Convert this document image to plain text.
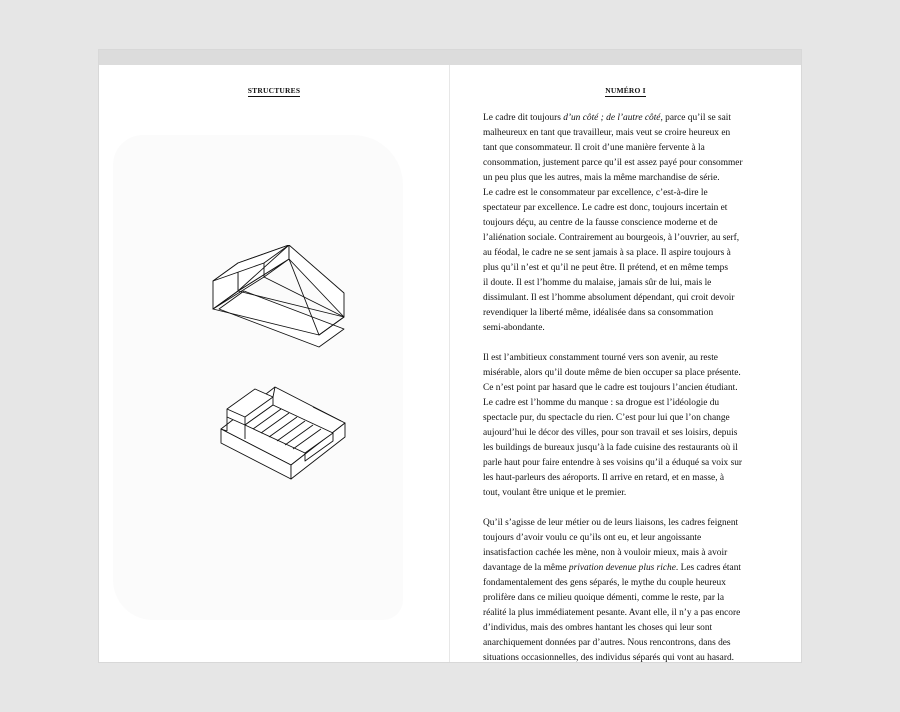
STRUCTURES	NUMÉRO I
Le cadre dit toujours d’un côté ; de l’autre côté, parce qu’il se sait
malheureux en tant que travailleur, mais veut se croire heureux en
tant que consommateur. Il croit d’une manière fervente à la
consommation, justement parce qu’il est assez payé pour consommer
un peu plus que les autres, mais la même marchandise de série.
Le cadre est le consommateur par excellence, c’est-à-dire le
spectateur par excellence. Le cadre est donc, toujours incertain et
toujours déçu, au centre de la fausse conscience moderne et de
l’aliénation sociale. Contrairement au bourgeois, à l’ouvrier, au serf,
au féodal, le cadre ne se sent jamais à sa place. Il aspire toujours à
plus qu’il n’est et qu’il ne peut être. Il prétend, et en même temps
il doute. Il est l’homme du malaise, jamais sûr de lui, mais le
dissimulant. Il est l’homme absolument dépendant, qui croit devoir
revendiquer la liberté même, idéalisée dans sa consommation
semi-abondante.
Il est l’ambitieux constamment tourné vers son avenir, au reste
misérable, alors qu’il doute même de bien occuper sa place présente.
Ce n’est point par hasard que le cadre est toujours l’ancien étudiant.
Le cadre est l’homme du manque : sa drogue est l’idéologie du
spectacle pur, du spectacle du rien. C’est pour lui que l’on change
aujourd’hui le décor des villes, pour son travail et ses loisirs, depuis
les buildings de bureaux jusqu’à la fade cuisine des restaurants où il
parle haut pour faire entendre à ses voisins qu’il a éduqué sa voix sur
les haut-parleurs des aéroports. Il arrive en retard, et en masse, à
tout, voulant être unique et le premier.
Qu’il s’agisse de leur métier ou de leurs liaisons, les cadres feignent
toujours d’avoir voulu ce qu’ils ont eu, et leur angoissante
insatisfaction cachée les mène, non à vouloir mieux, mais à avoir
davantage de la même privation devenue plus riche. Les cadres étant
fondamentalement des gens séparés, le mythe du couple heureux
prolifère dans ce milieu quoique démenti, comme le reste, par la
réalité la plus immédiatement pesante. Avant elle, il n’y a pas encore
d’individus, mais des ombres hantant les choses qui leur sont
anarchiquement données par d’autres. Nous rencontrons, dans des
situations occasionnelles, des individus séparés qui vont au hasard.
